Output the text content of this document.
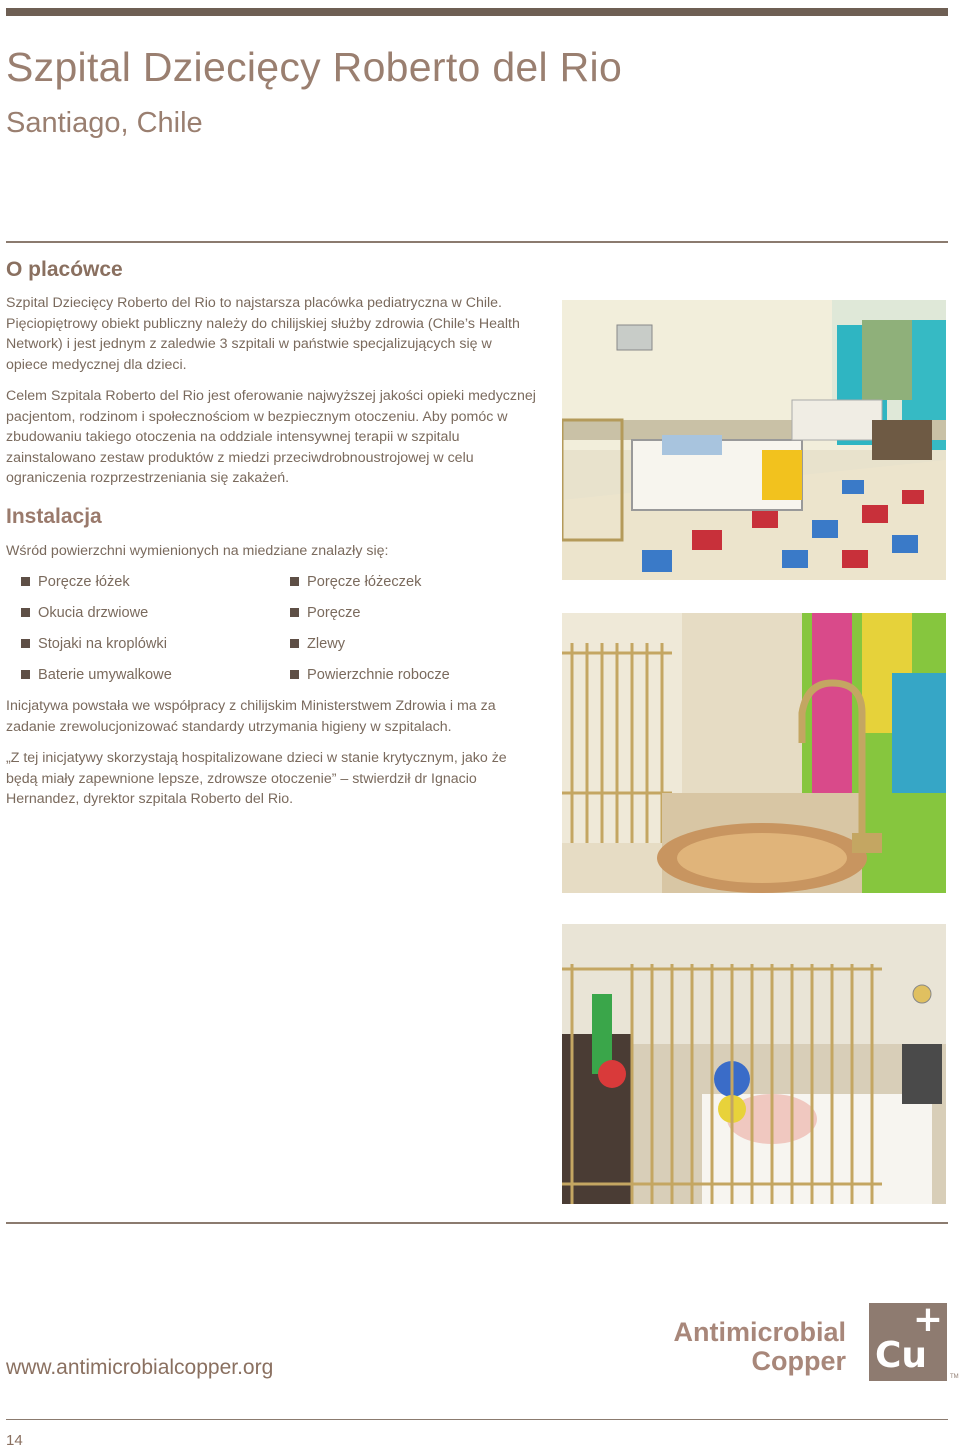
Szpital Dziecięcy Roberto del Rio
Santiago, Chile
O placówce

Szpital Dziecięcy Roberto del Rio to najstarsza placówka pediatryczna w Chile. Pięciopiętrowy obiekt publiczny należy do chilijskiej służby zdrowia (Chile’s Health Network) i jest jednym z zaledwie 3 szpitali w państwie specjalizujących się w opiece medycznej dla dzieci.

Celem Szpitala Roberto del Rio jest oferowanie najwyższej jakości opieki medycznej pacjentom, rodzinom i społecznościom w bezpiecznym otoczeniu. Aby pomóc w zbudowaniu takiego otoczenia na oddziale intensywnej terapii w szpitalu zainstalowano zestaw produktów z miedzi przeciwdrobnoustrojowej w celu ograniczenia rozprzestrzeniania się zakażeń.

Instalacja
Wśród powierzchni wymienionych na miedziane znalazły się:
Poręcze łóżek
Okucia drzwiowe
Stojaki na kroplówki
Baterie umywalkowe
Poręcze łóżeczek
Poręcze
Zlewy
Powierzchnie robocze

Inicjatywa powstała we współpracy z chilijskim Ministerstwem Zdrowia i ma za zadanie zrewolucjonizować standardy utrzymania higieny w szpitalach.

„Z tej inicjatywy skorzystają hospitalizowane dzieci w stanie krytycznym, jako że będą miały zapewnione lepsze, zdrowsze otoczenie” – stwierdził dr Ignacio Hernandez, dyrektor szpitala Roberto del Rio.

www.antimicrobialcopper.org
Antimicrobial
Copper Cu
+
TM
14
